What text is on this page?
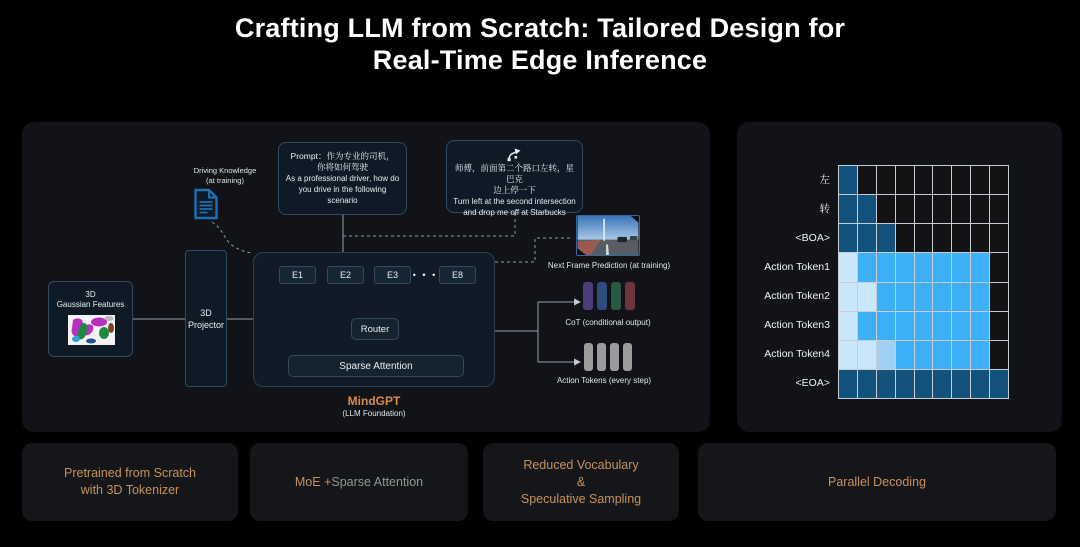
Crafting LLM from Scratch: Tailored Design for
Real-Time Edge Inference
Driving Knowledge
(at training)
3D
Gaussian Features
3D
Projector
Prompt：作为专业的司机，
你将如何驾驶
As a professional driver, how do
you drive in the following scenario
师傅，前面第二个路口左转，星巴克
边上停一下
Turn left at the second intersection
and drop me off at Starbucks
E1	E2	E3	E8
• • •
Router
Sparse Attention
MindGPT
(LLM Foundation)
Next Frame Prediction (at training)
CoT (conditional output)
Action Tokens (every step)
左
转
<BOA>
Action Token1
Action Token2
Action Token3
Action Token4
<EOA>
Pretrained from Scratch
with 3D Tokenizer
MoE + Sparse Attention
Reduced Vocabulary
&
Speculative Sampling
Parallel Decoding
